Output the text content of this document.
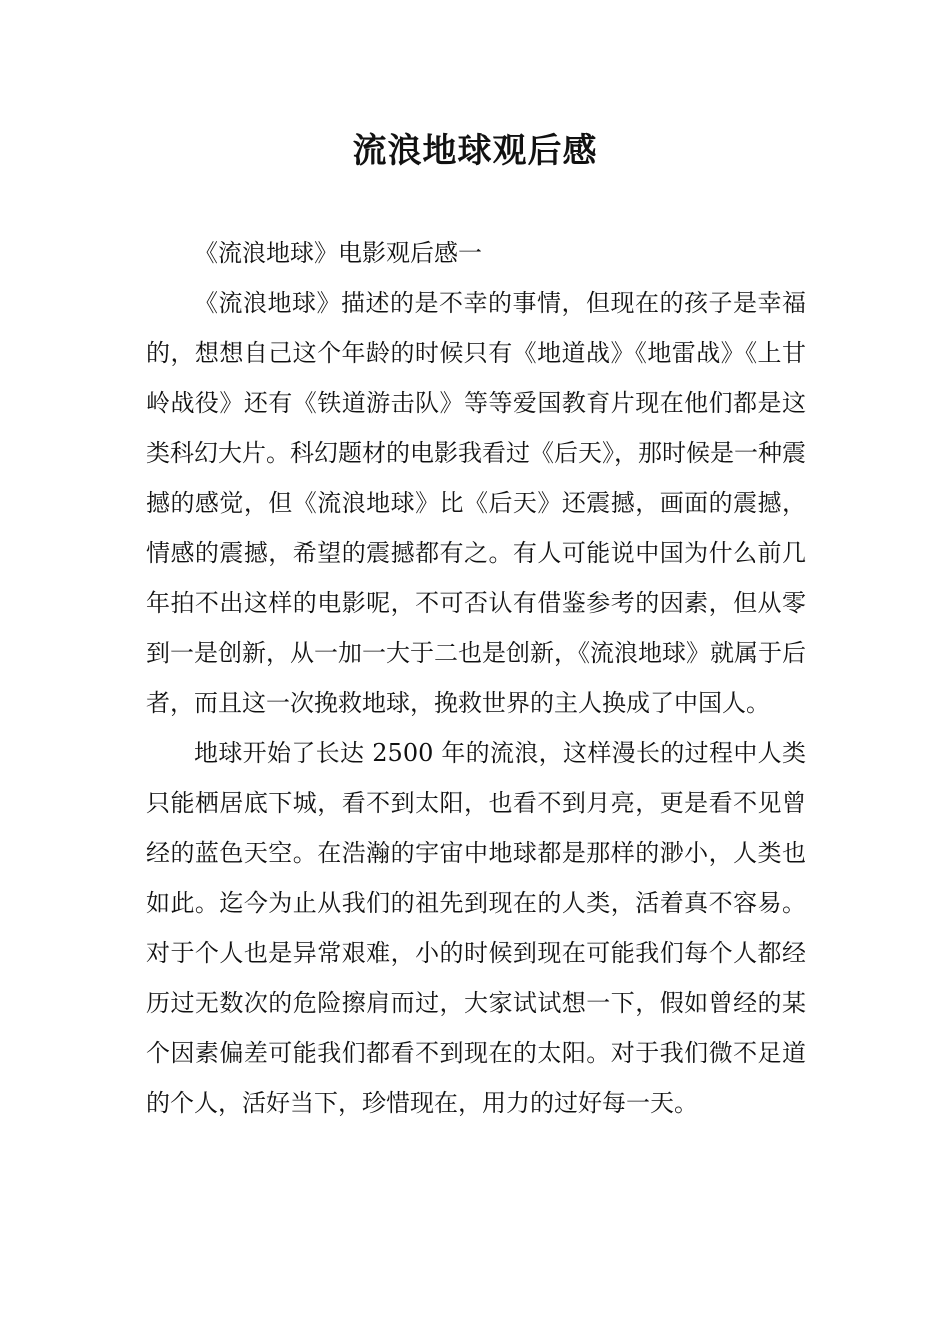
流浪地球观后感

《流浪地球》电影观后感一

《流浪地球》描述的是不幸的事情，但现在的孩子是幸福的，想想自己这个年龄的时候只有《地道战》《地雷战》《上甘岭战役》还有《铁道游击队》等等爱国教育片现在他们都是这类科幻大片。科幻题材的电影我看过《后天》，那时候是一种震撼的感觉，但《流浪地球》比《后天》还震撼，画面的震撼，情感的震撼，希望的震撼都有之。有人可能说中国为什么前几年拍不出这样的电影呢，不可否认有借鉴参考的因素，但从零到一是创新，从一加一大于二也是创新，《流浪地球》就属于后者，而且这一次挽救地球，挽救世界的主人换成了中国人。

地球开始了长达 2500 年的流浪，这样漫长的过程中人类只能栖居底下城，看不到太阳，也看不到月亮，更是看不见曾经的蓝色天空。在浩瀚的宇宙中地球都是那样的渺小，人类也如此。迄今为止从我们的祖先到现在的人类，活着真不容易。对于个人也是异常艰难，小的时候到现在可能我们每个人都经历过无数次的危险擦肩而过，大家试试想一下，假如曾经的某个因素偏差可能我们都看不到现在的太阳。对于我们微不足道的个人，活好当下，珍惜现在，用力的过好每一天。
